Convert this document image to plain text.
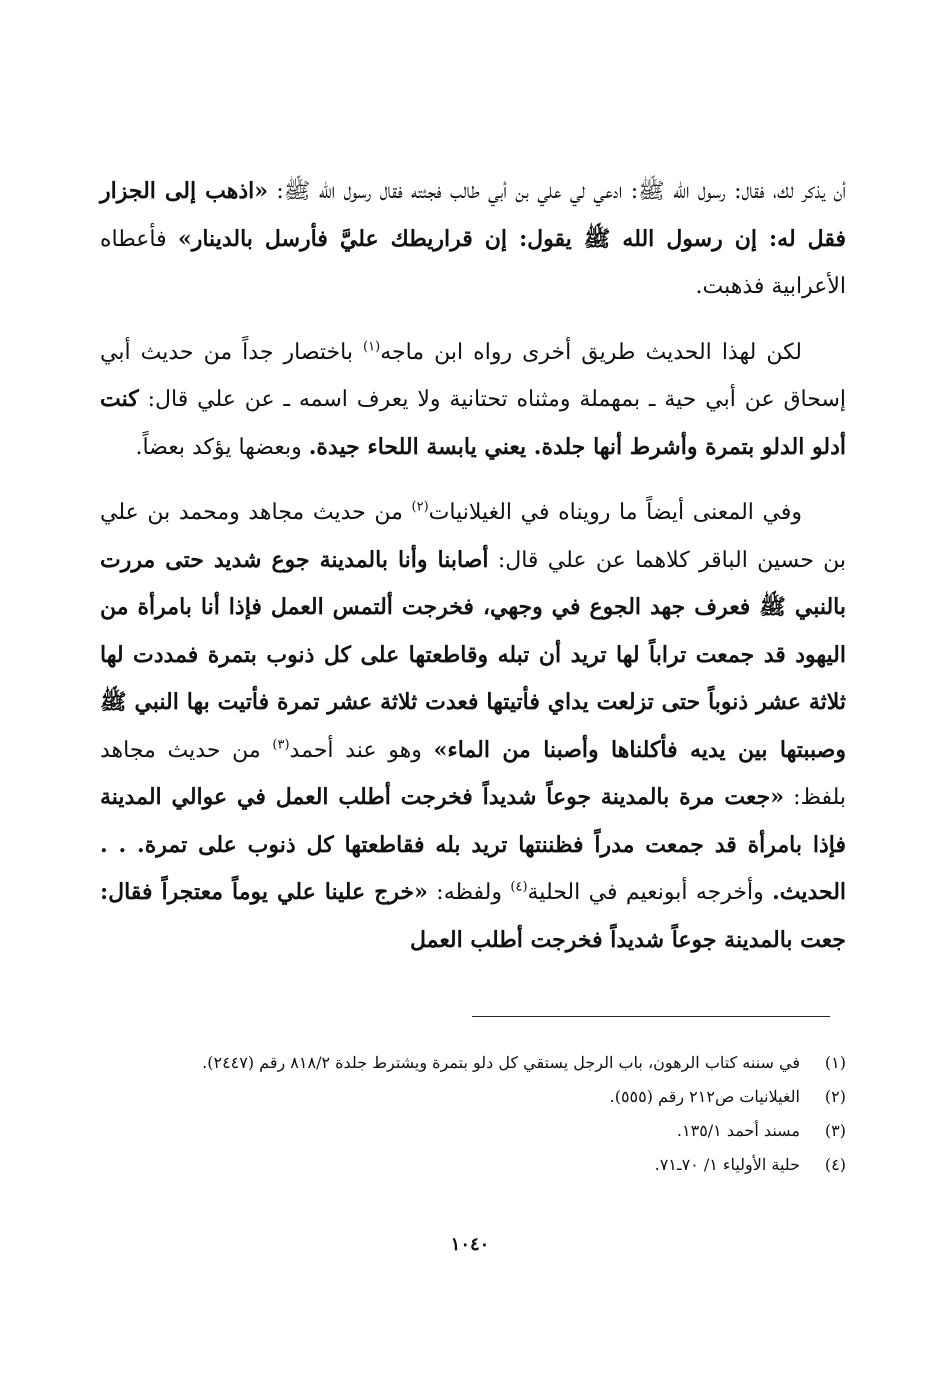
أن يذكر لك، فقال: رسول الله ﷺ: ادعي لي علي بن أبي طالب فجئته فقال رسول الله ﷺ: «اذهب إلى الجزار فقل له: إن رسول الله ﷺ يقول: إن قراريطك عليَّ فأرسل بالدينار» فأعطاه الأعرابية فذهبت.

لكن لهذا الحديث طريق أخرى رواه ابن ماجه$^{(١)}$ باختصار جداً من حديث أبي إسحاق عن أبي حية ـ بمهملة ومثناه تحتانية ولا يعرف اسمه ـ عن علي قال: كنت أدلو الدلو بتمرة وأشرط أنها جلدة. يعني يابسة اللحاء جيدة. وبعضها يؤكد بعضاً.

وفي المعنى أيضاً ما رويناه في الغيلانيات$^{(٢)}$ من حديث مجاهد ومحمد بن علي بن حسين الباقر كلاهما عن علي قال: أصابنا وأنا بالمدينة جوع شديد حتى مررت بالنبي ﷺ فعرف جهد الجوع في وجهي، فخرجت ألتمس العمل فإذا أنا بامرأة من اليهود قد جمعت تراباً لها تريد أن تبله وقاطعتها على كل ذنوب بتمرة فمددت لها ثلاثة عشر ذنوباً حتى تزلعت يداي فأتيتها فعدت ثلاثة عشر تمرة فأتيت بها النبي ﷺ وصببتها بين يديه فأكلناها وأصبنا من الماء» وهو عند أحمد$^{(٣)}$ من حديث مجاهد بلفظ: «جعت مرة بالمدينة جوعاً شديداً فخرجت أطلب العمل في عوالي المدينة فإذا بامرأة قد جمعت مدراً فظننتها تريد بله فقاطعتها كل ذنوب على تمرة. . . الحديث. وأخرجه أبونعيم في الحلية$^{(٤)}$ ولفظه: «خرج علينا علي يوماً معتجراً فقال: جعت بالمدينة جوعاً شديداً فخرجت أطلب العمل

(١)
في سننه كتاب الرهون، باب الرجل يستقي كل دلو بتمرة ويشترط جلدة ٨١٨/٢ رقم (٢٤٤٧).
(٢)
الغيلانيات ص٢١٢ رقم (٥٥٥).
(٣)
مسند أحمد ١٣٥/١.
(٤)
حلية الأولياء ١/ ٧٠ـ٧١.
١٠٤٠
